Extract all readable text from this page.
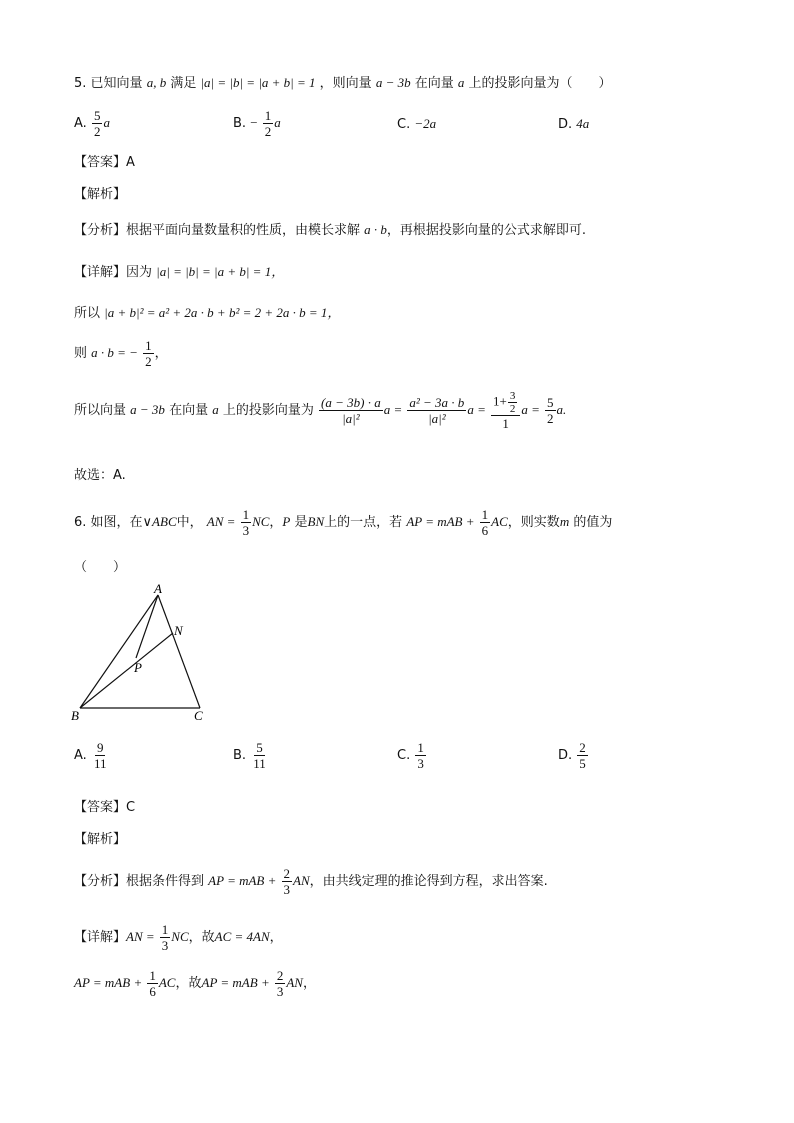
5. 已知向量 a, b 满足 |a| = |b| = |a + b| = 1 ，则向量 a − 3b 在向量 a 上的投影向量为（　　）
A. $\frac{5}{2}$ a	B. − $\frac{1}{2}$ a	C. −2a	D. 4a
【答案】A
【解析】
【分析】根据平面向量数量积的性质，由模长求解 a · b，再根据投影向量的公式求解即可.
【详解】因为 |a| = |b| = |a + b| = 1，
所以 |a + b|² = a² + 2a · b + b² = 2 + 2a · b = 1，
则 a · b = − $\frac{1}{2}$ ，
所以向量 a − 3b 在向量 a 上的投影向量为 $\frac{(a - 3b) \cdot a}{\text{|a|²}}$ $a = \frac{\text{a² − 3a · b}}{\text{|a|²}}$ $a = \frac{1+ \frac{3}{2}}{1}$ $a = \frac{5}{2} a$.
故选：A.
6. 如图，在∨ABC中， AN = $\frac{1}{3}$ NC，P 是BN上的一点，若 AP = mAB + $\frac{1}{6}$ AC，则实数m 的值为
（　　）
A
B	C
N
P
A. $\frac{9}{11}$	B. $\frac{5}{11}$	C. $\frac{1}{3}$	D. $\frac{2}{5}$
【答案】C
【解析】
【分析】根据条件得到 AP = mAB + $\frac{2}{3}$ AN，由共线定理的推论得到方程，求出答案.
【详解】AN = $\frac{1}{3}$ NC，故AC = 4AN，
AP = mAB + $\frac{1}{6}$ AC，故AP = mAB + $\frac{2}{3}$ AN，
